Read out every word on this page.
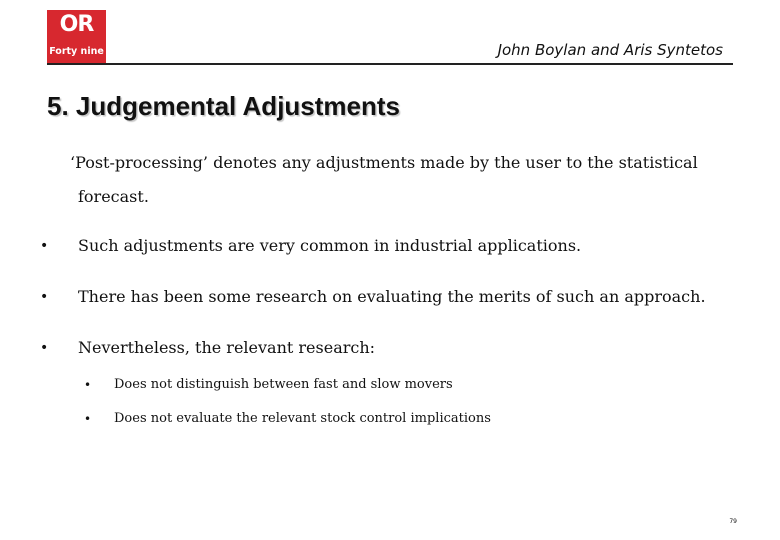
OR
Forty nine	John Boylan and Aris Syntetos
5. Judgemental Adjustments
‘Post-processing’ denotes any adjustments made by the user to the statistical
forecast.
• Such adjustments are very common in industrial applications.
• There has been some research on evaluating the merits of such an approach.
• Nevertheless, the relevant research:
• Does not distinguish between fast and slow movers
• Does not evaluate the relevant stock control implications
79
